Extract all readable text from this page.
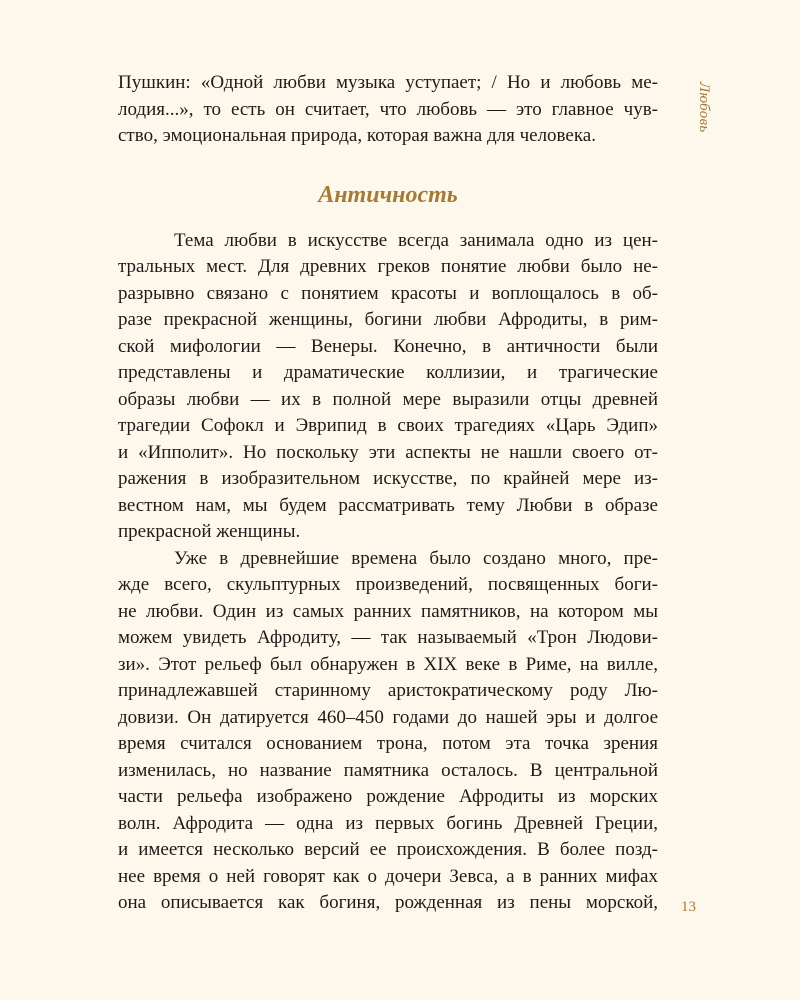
Любовь
Пушкин: «Одной любви музыка уступает; / Но и любовь ме-
лодия...», то есть он считает, что любовь — это главное чув-
ство, эмоциональная природа, которая важна для человека.
Античность
Тема любви в искусстве всегда занимала одно из цен-
тральных мест. Для древних греков понятие любви было не-
разрывно связано с понятием красоты и воплощалось в об-
разе прекрасной женщины, богини любви Афродиты, в рим-
ской мифологии — Венеры. Конечно, в античности были
представлены и драматические коллизии, и трагические
образы любви — их в полной мере выразили отцы древней
трагедии Софокл и Эврипид в своих трагедиях «Царь Эдип»
и «Ипполит». Но поскольку эти аспекты не нашли своего от-
ражения в изобразительном искусстве, по крайней мере из-
вестном нам, мы будем рассматривать тему Любви в образе
прекрасной женщины.
Уже в древнейшие времена было создано много, пре-
жде всего, скульптурных произведений, посвященных боги-
не любви. Один из самых ранних памятников, на котором мы
можем увидеть Афродиту, — так называемый «Трон Людови-
зи». Этот рельеф был обнаружен в XIX веке в Риме, на вилле,
принадлежавшей старинному аристократическому роду Лю-
довизи. Он датируется 460–450 годами до нашей эры и долгое
время считался основанием трона, потом эта точка зрения
изменилась, но название памятника осталось. В центральной
части рельефа изображено рождение Афродиты из морских
волн. Афродита — одна из первых богинь Древней Греции,
и имеется несколько версий ее происхождения. В более позд-
нее время о ней говорят как о дочери Зевса, а в ранних мифах
она описывается как богиня, рожденная из пены морской, 13
